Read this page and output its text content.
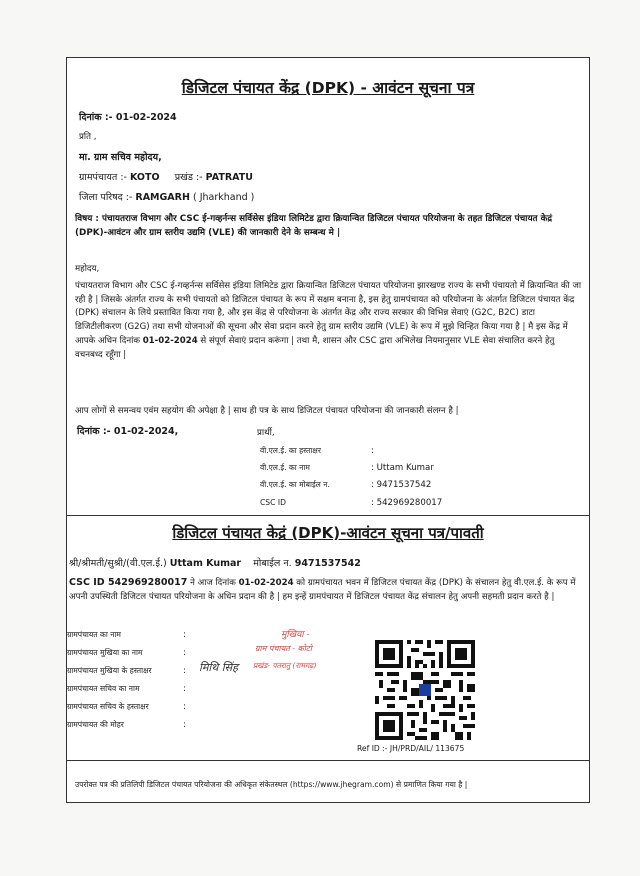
डिजिटल पंचायत केंद्र (DPK) - आवंटन सूचना पत्र
दिनांक :- 01-02-2024
प्रति ,
मा. ग्राम सचिव महोदय,
ग्रामपंचायत :- KOTO प्रखंड :- PATRATU
जिला परिषद :- RAMGARH ( Jharkhand )
विषय : पंचायतराज विभाग और CSC ई-गव्हर्नन्स सर्विसेस इंडिया लिमिटेड द्वारा क्रियान्वित डिजिटल पंचायत परियोजना के तहत डिजिटल पंचायत केद्रं (DPK)-आवंटन और ग्राम स्तरीय उद्यमि (VLE) की जानकारी देने के सम्बन्ध मे |
महोदय,
पंचायतराज विभाग और CSC ई-गव्हर्नन्स सर्विसेस इंडिया लिमिटेड द्वारा क्रियान्वित डिजिटल पंचायत परियोजना झारखण्ड राज्य के सभी पंचायतो में क्रियान्वित की जा रही है | जिसके अंतर्गत राज्य के सभी पंचायतो को डिजिटल पंचायत के रूप में सक्षम बनाना है, इस हेतु ग्रामपंचायत को परियोजना के अंतर्गत डिजिटल पंचायत केंद्र (DPK) संचालन के लिये प्रस्तावित किया गया है, और इस केंद्र से परियोजना के अंतर्गत केंद्र और राज्य सरकार की विभिन्न सेवाएं (G2C, B2C) डाटा डिजिटीलीकरण (G2G) तथा सभी योजनाओं की सूचना और सेवा प्रदान करने हेतु ग्राम स्तरीय उद्यमि (VLE) के रूप में मुझे चिन्हित किया गया है | मै इस केंद्र में आपके अधिन दिनांक 01-02-2024 से संपूर्ण सेवाएं प्रदान करूंगा | तथा मै, शासन और CSC द्वारा अभिलेख नियमानुसार VLE सेवा संचालित करने हेतु वचनबध्द रहूँगा |
आप लोगों से समन्वय एवंम सहयोग की अपेक्षा है | साथ ही पत्र के साथ डिजिटल पंचायत परियोजना की जानकारी संलग्न है |
दिनांक :- 01-02-2024,	प्रार्थी,
वी.एल.ई. का हस्ताक्षर	:
वी.एल.ई. का नाम	: Uttam Kumar
वी.एल.ई. का मोबाईल न.	: 9471537542
CSC ID	: 542969280017
डिजिटल पंचायत केद्रं (DPK)-आवंटन सूचना पत्र/पावती
श्री/श्रीमती/सुश्री/(वी.एल.ई.) Uttam Kumar मोबाईल न. 9471537542
CSC ID 542969280017 ने आज दिनांक 01-02-2024 को ग्रामपंचायत भवन में डिजिटल पंचायत केंद्र (DPK) के संचालन हेतु वी.एल.ई. के रूप में अपनी उपस्थिती डिजिटल पंचायत परियोजना के अधिन प्रदान की है | हम इन्हें ग्रामपंचायत में डिजिटल पंचायत केंद्र संचालन हेतु अपनी सहमती प्रदान करते है |
ग्रामपंचायत का नाम	:
ग्रामपंचायत मुखिया का नाम	:
ग्रामपंचायत मुखिया के हस्ताक्षर	:
ग्रामपंचायत सचिव का नाम	:
ग्रामपंचायत सचिव के हस्ताक्षर	:
ग्रामपंचायत की मोहर	:
मुखिया -
ग्राम पंचायत - कोटो
प्रखंड- पतरातु (रामगढ़)
मिथि सिंह
Ref ID :- JH/PRD/AIL/ 113675
उपरोक्त पत्र की प्रतिलिपी डिजिटल पंचायत परियोजना की अधिकृत संकेतस्थल (https://www.jhegram.com) से प्रमाणित किया गया है |
